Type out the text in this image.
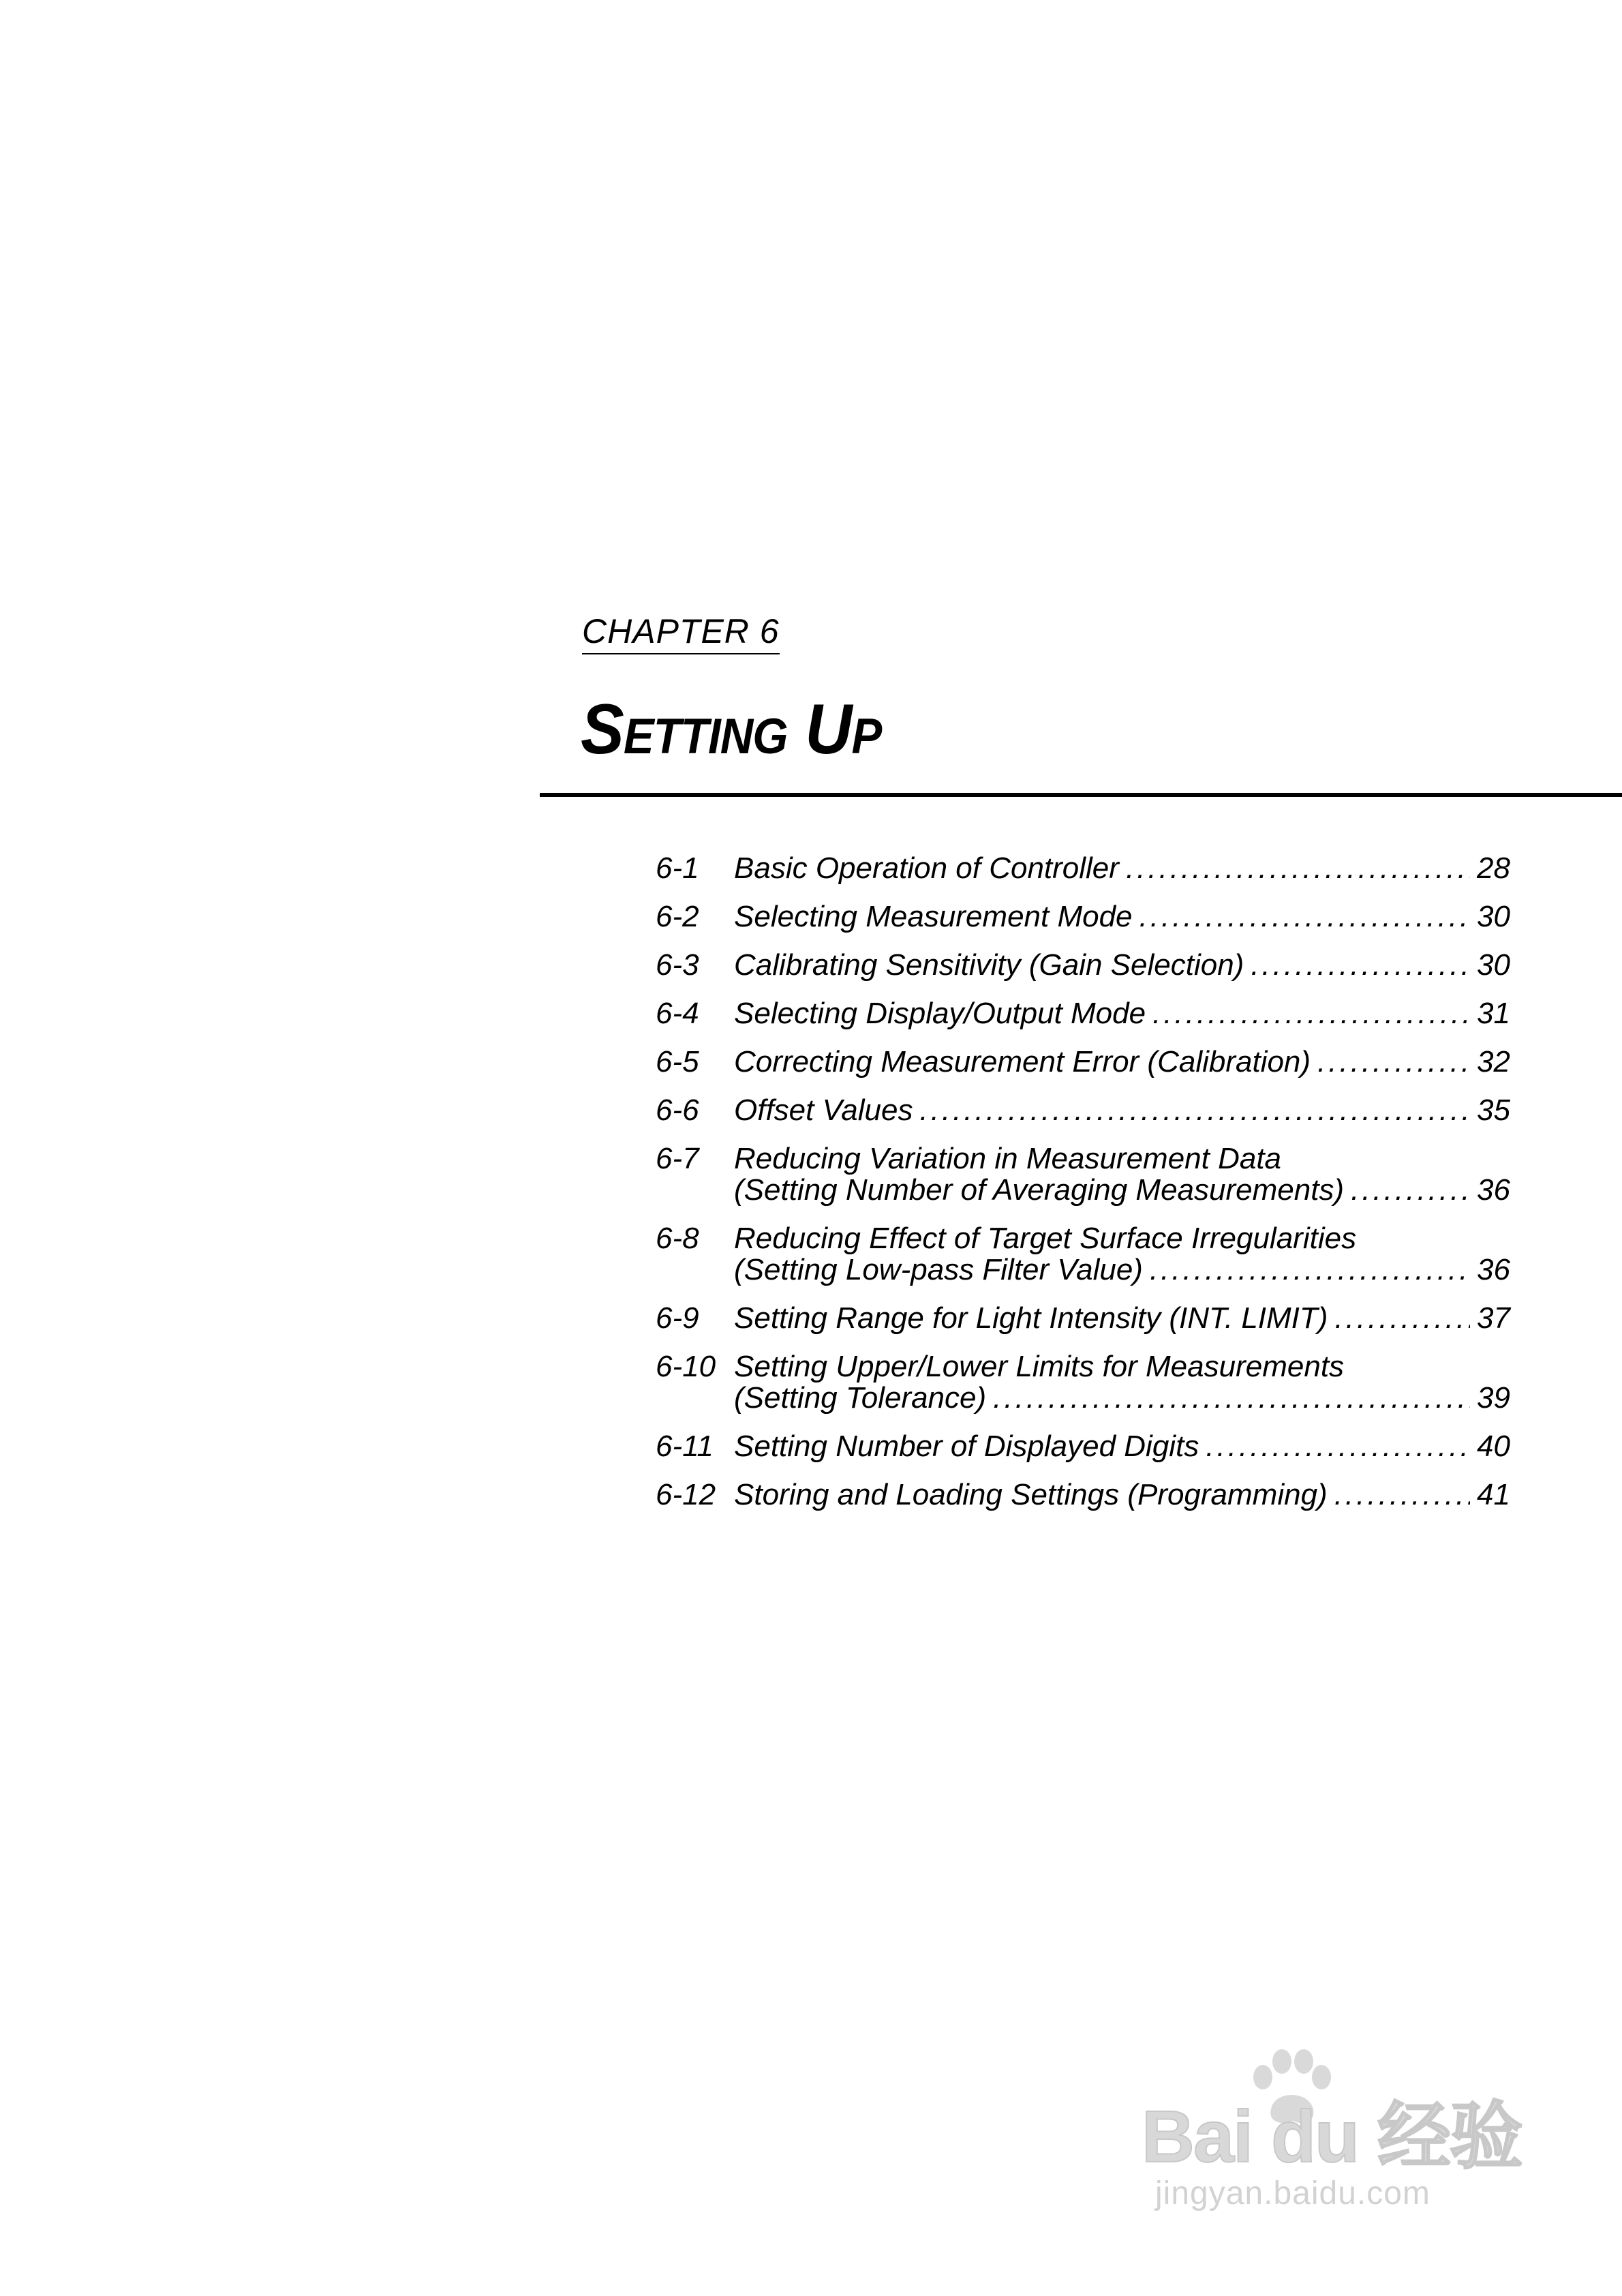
CHAPTER 6
Setting Up
6-1	Basic Operation of Controller .....	28
6-2	Selecting Measurement Mode .....	30
6-3	Calibrating Sensitivity (Gain Selection) .....	30
6-4	Selecting Display/Output Mode .....	31
6-5	Correcting Measurement Error (Calibration) .....	32
6-6	Offset Values .....	35
6-7	Reducing Variation in Measurement Data
(Setting Number of Averaging Measurements) .....	36
6-8	Reducing Effect of Target Surface Irregularities
(Setting Low-pass Filter Value) .....	36
6-9	Setting Range for Light Intensity (INT. LIMIT) .....	37
6-10 Setting Upper/Lower Limits for Measurements
(Setting Tolerance) .....	39
6-11 Setting Number of Displayed Digits .....	40
6-12 Storing and Loading Settings (Programming) .....	41
Bai du 经验
jingyan.baidu.com
